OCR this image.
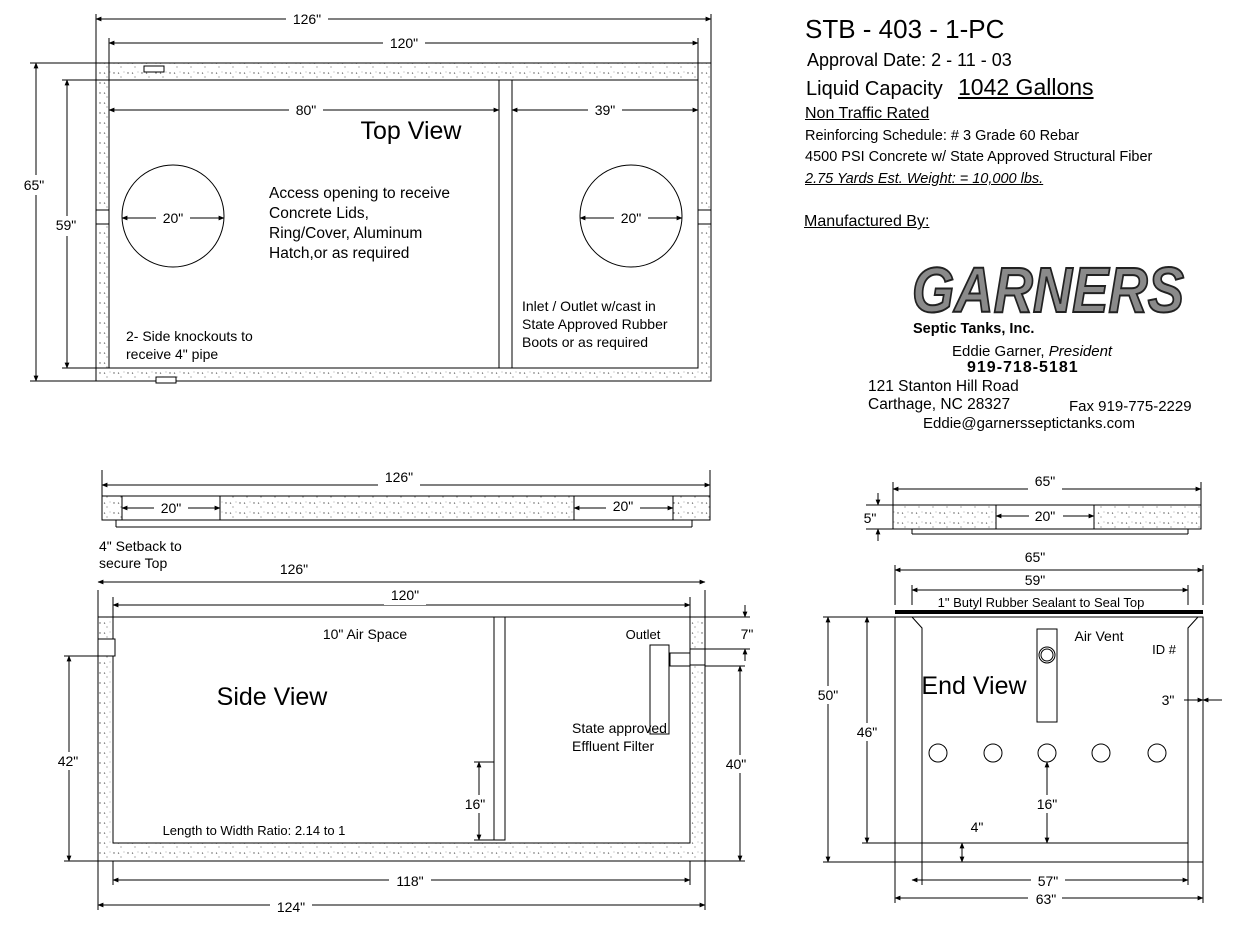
126"
120"
80"	39"
65"
59"	20"	20"
Top View
126"
20"	20"
65"
20"
5"
126"
120"
118"
124"
42"	40"
7"
16"
10" Air Space	Outlet
Length to Width Ratio: 2.14 to 1
Side View
65"
59"
1" Butyl Rubber Sealant to Seal Top
50"
46"
Air Vent
ID #
3"
16"
4"
57"
63"
End View
Access opening to receive Concrete Lids, Ring/Cover, Aluminum Hatch,or as required
2- Side knockouts to receive 4" pipe
Inlet / Outlet w/cast in State Approved Rubber Boots or as required
4" Setback to secure Top
State approved Effluent Filter
STB - 403 - 1-PC
Approval Date: 2 - 11 - 03
Liquid Capacity 1042 Gallons
Non Traffic Rated
Reinforcing Schedule: # 3 Grade 60 Rebar
4500 PSI Concrete w/ State Approved Structural Fiber
2.75 Yards Est. Weight: = 10,000 lbs.
Manufactured By:
GARNERS
Septic Tanks, Inc.
Eddie Garner, President
919-718-5181
121 Stanton Hill Road
Carthage, NC 28327	Fax 919-775-2229
Eddie@garnersseptictanks.com
